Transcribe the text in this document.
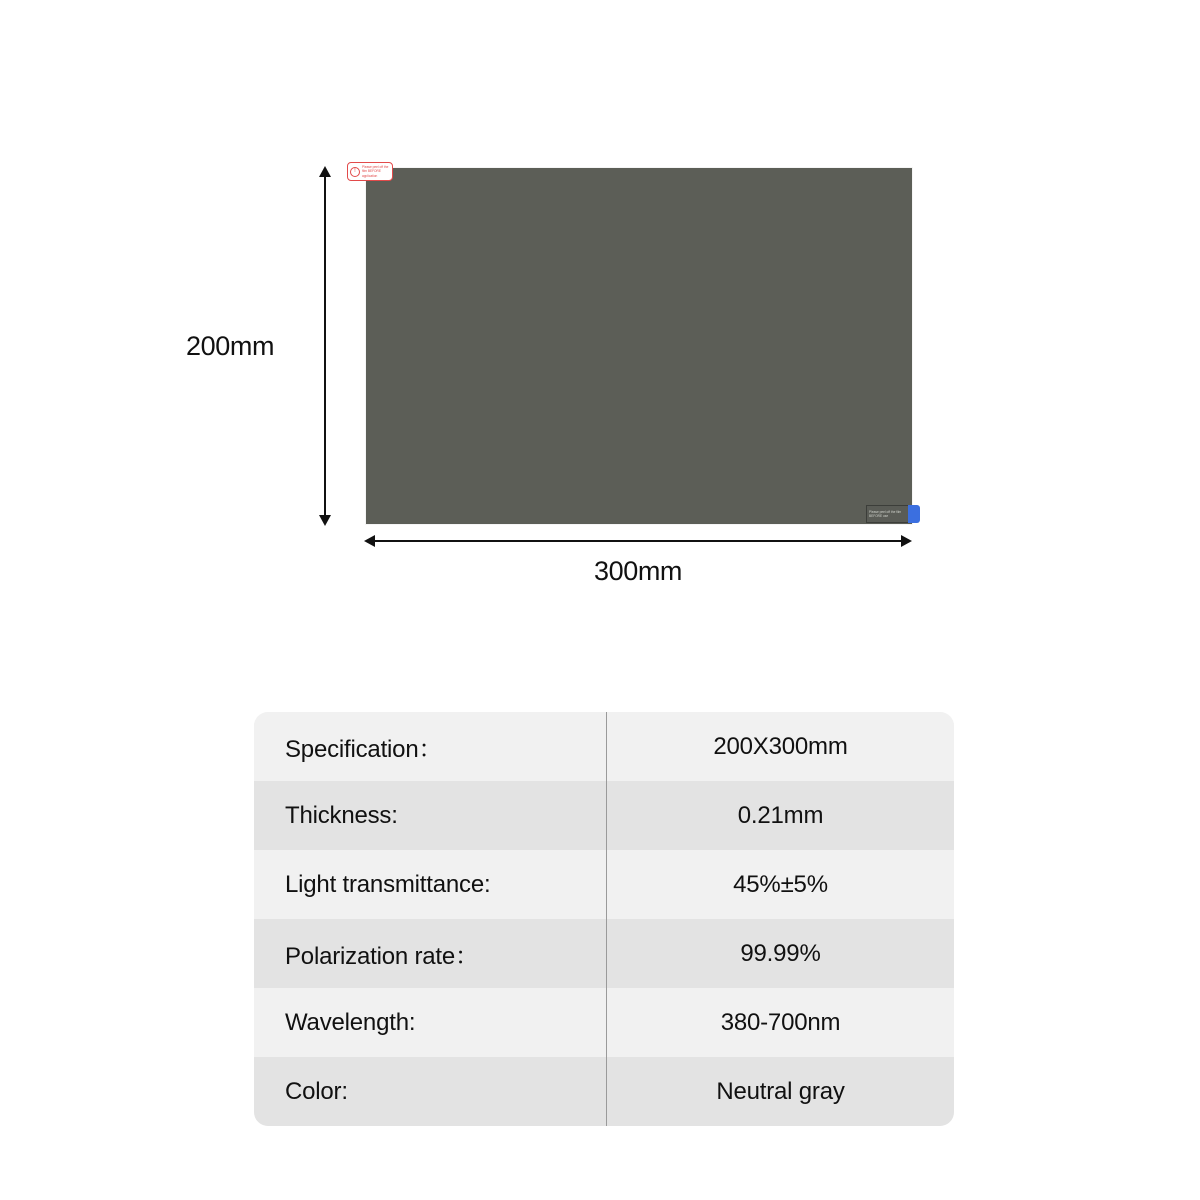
!
Please peel off the film BEFORE application
Please peel off the film BEFORE use
200mm
300mm
Specification：	200X300mm
Thickness:	0.21mm
Light transmittance:	45%±5%
Polarization rate：	99.99%
Wavelength:	380-700nm
Color:	Neutral gray
